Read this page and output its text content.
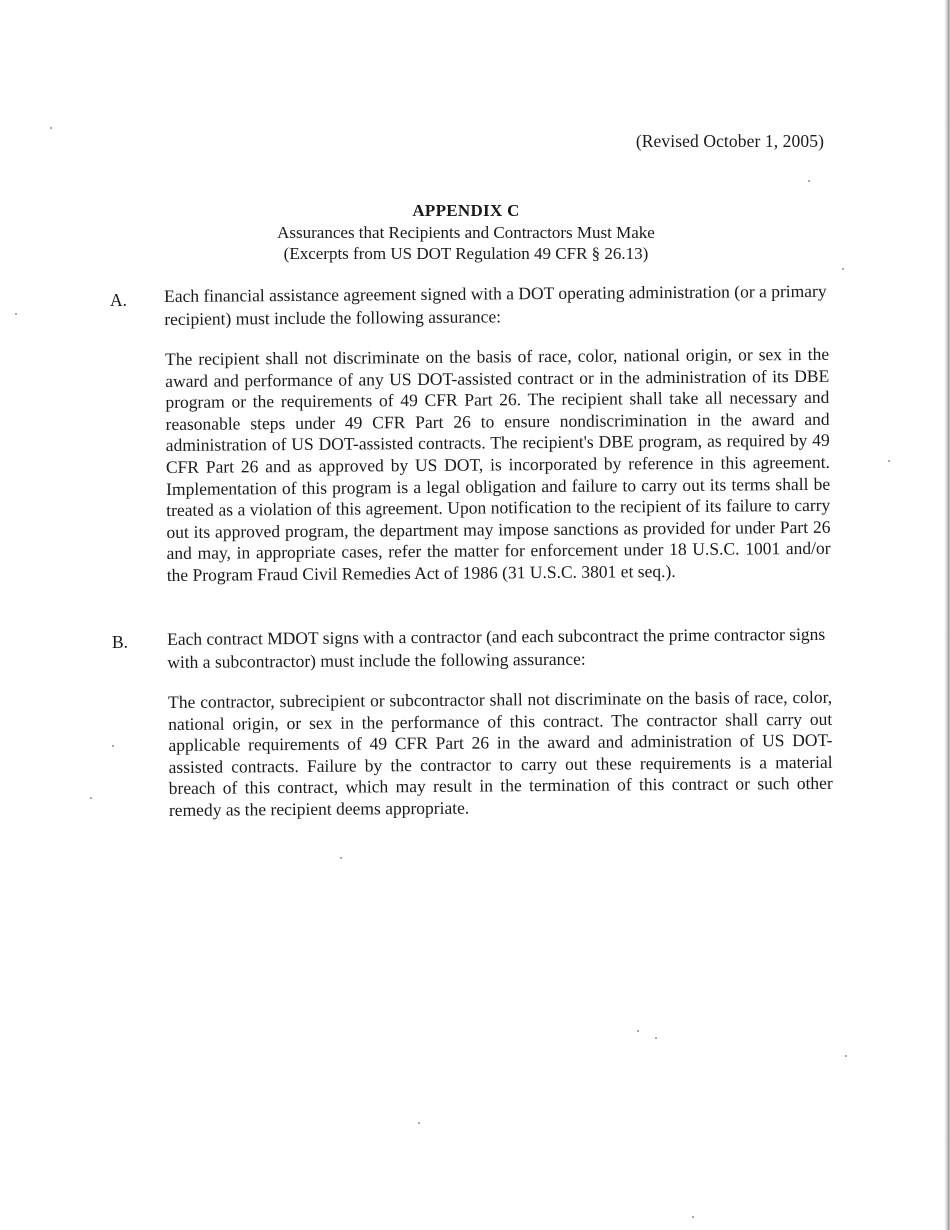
(Revised October 1, 2005)
APPENDIX C
Assurances that Recipients and Contractors Must Make
(Excerpts from US DOT Regulation 49 CFR § 26.13)
A. Each financial assistance agreement signed with a DOT operating administration (or a primary recipient) must include the following assurance:

The recipient shall not discriminate on the basis of race, color, national origin, or sex in the award and performance of any US DOT-assisted contract or in the administration of its DBE program or the requirements of 49 CFR Part 26. The recipient shall take all necessary and reasonable steps under 49 CFR Part 26 to ensure nondiscrimination in the award and administration of US DOT-assisted contracts. The recipient's DBE program, as required by 49 CFR Part 26 and as approved by US DOT, is incorporated by reference in this agreement. Implementation of this program is a legal obligation and failure to carry out its terms shall be treated as a violation of this agreement. Upon notification to the recipient of its failure to carry out its approved program, the department may impose sanctions as provided for under Part 26 and may, in appropriate cases, refer the matter for enforcement under 18 U.S.C. 1001 and/or the Program Fraud Civil Remedies Act of 1986 (31 U.S.C. 3801 et seq.).

B. Each contract MDOT signs with a contractor (and each subcontract the prime contractor signs with a subcontractor) must include the following assurance:

The contractor, subrecipient or subcontractor shall not discriminate on the basis of race, color, national origin, or sex in the performance of this contract. The contractor shall carry out applicable requirements of 49 CFR Part 26 in the award and administration of US DOT-assisted contracts. Failure by the contractor to carry out these requirements is a material breach of this contract, which may result in the termination of this contract or such other remedy as the recipient deems appropriate.
